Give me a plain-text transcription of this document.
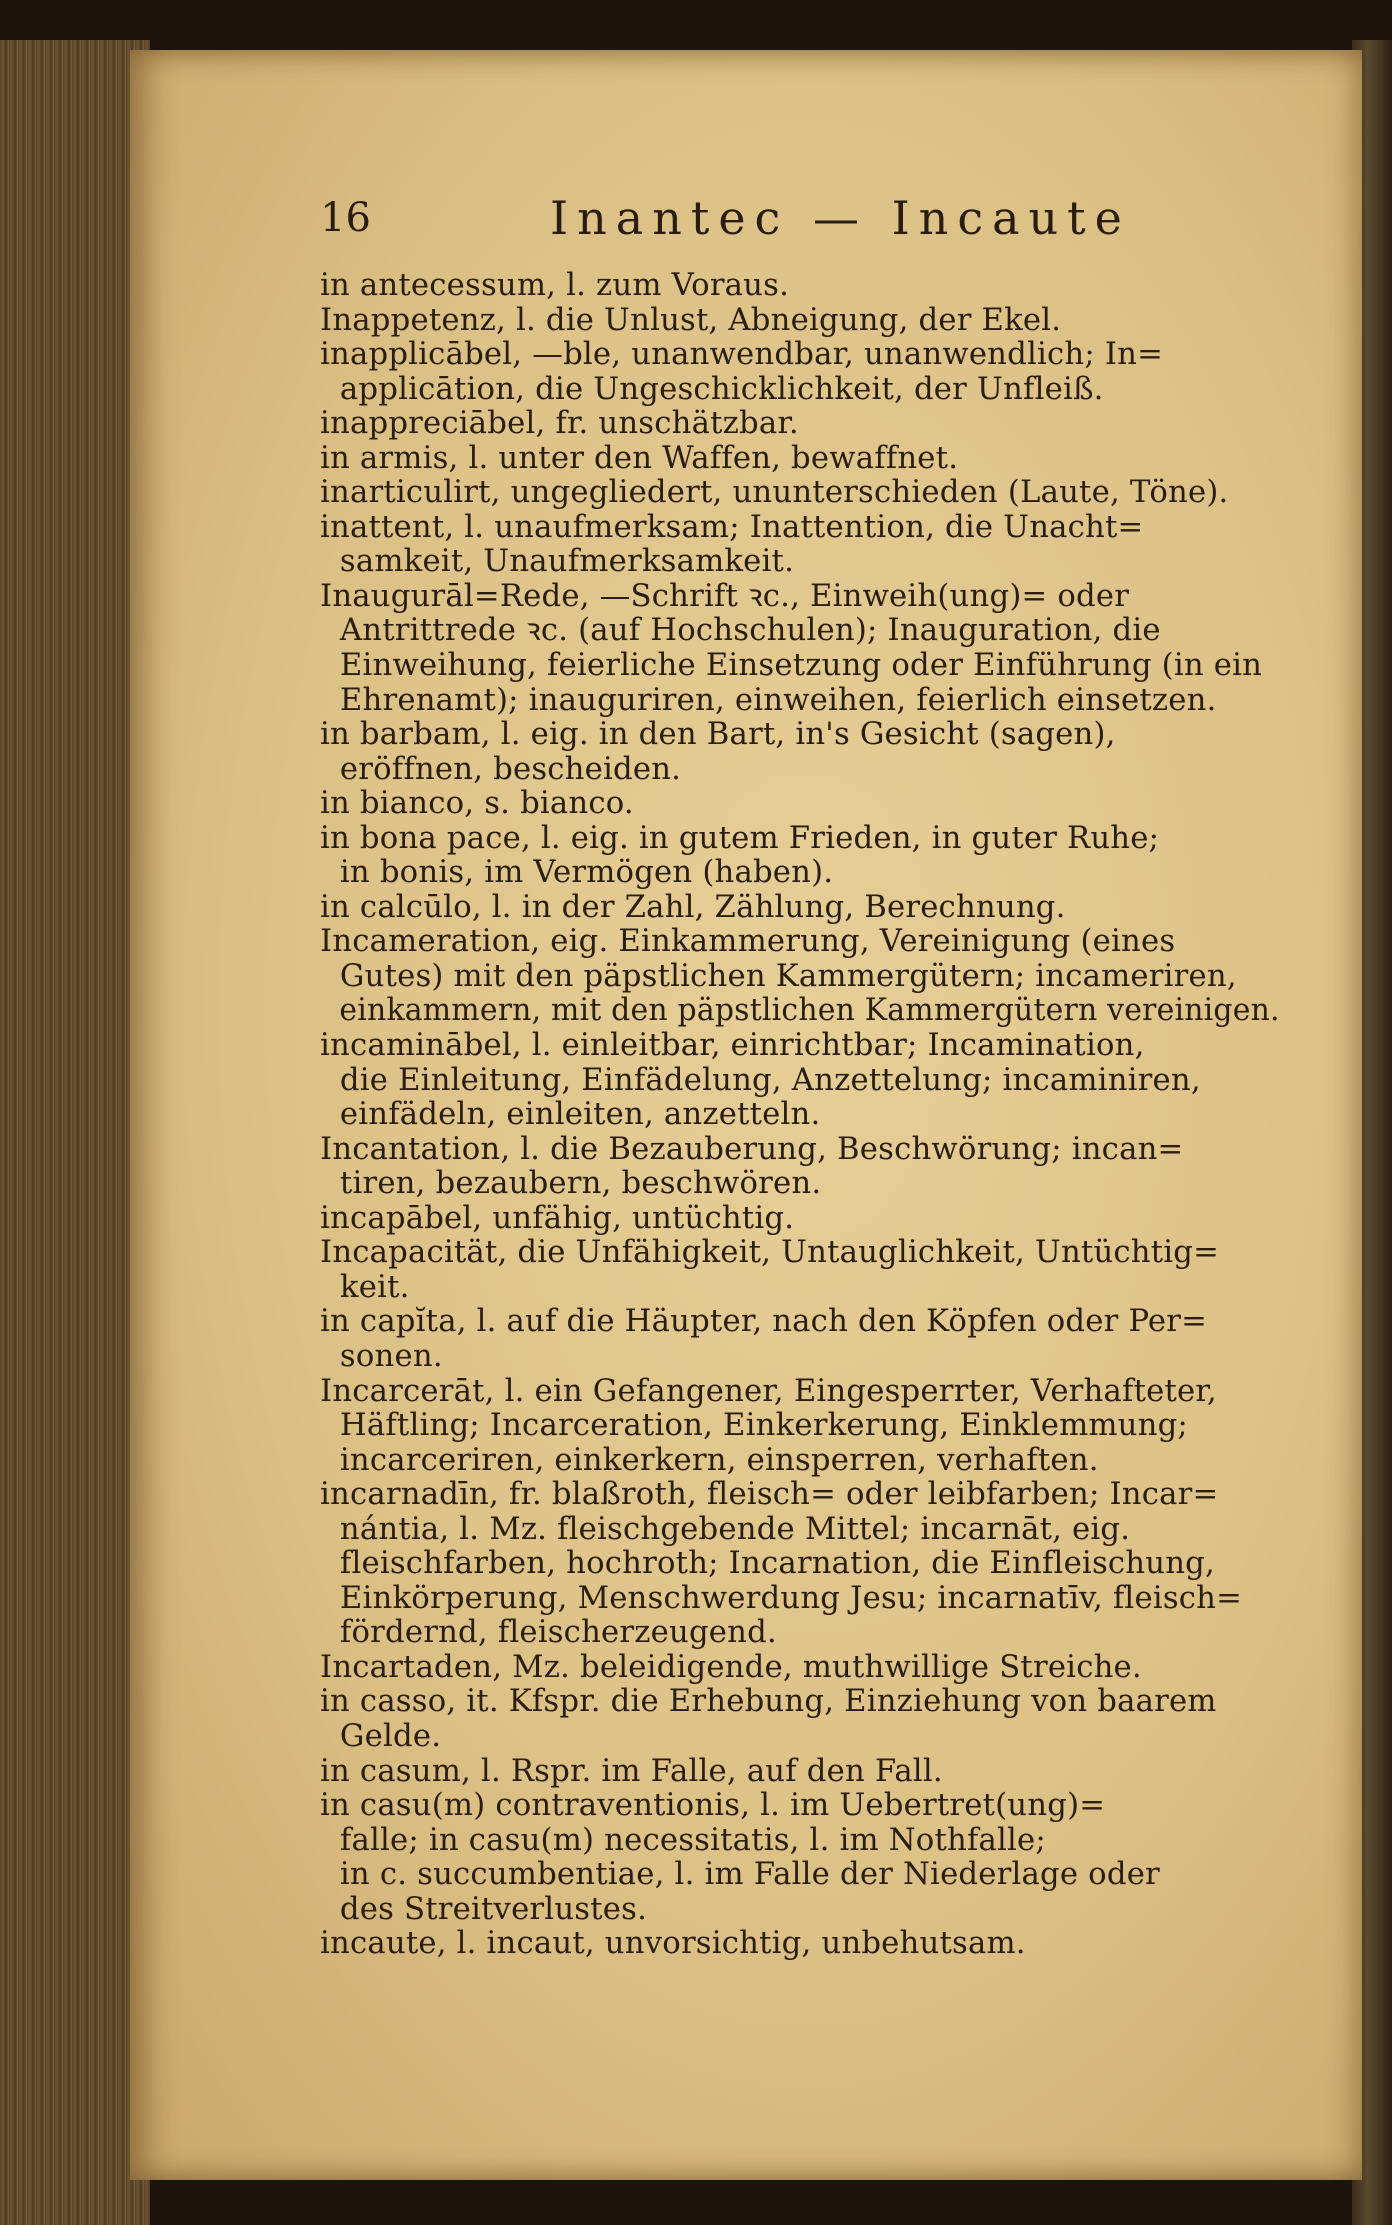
16	Inantec — Incaute
in antecessum, l. zum Voraus.
Inappetenz, l. die Unlust, Abneigung, der Ekel.
inapplicābel, —ble, unanwendbar, unanwendlich; In=
applicātion, die Ungeschicklichkeit, der Unfleiß.
inappreciābel, fr. unschätzbar.
in armis, l. unter den Waffen, bewaffnet.
inarticulirt, ungegliedert, ununterschieden (Laute, Töne).
inattent, l. unaufmerksam; Inattention, die Unacht=
samkeit, Unaufmerksamkeit.
Inaugurāl=Rede, —Schrift ꝛc., Einweih(ung)= oder
Antrittrede ꝛc. (auf Hochschulen); Inauguration, die
Einweihung, feierliche Einsetzung oder Einführung (in ein
Ehrenamt); inauguriren, einweihen, feierlich einsetzen.
in barbam, l. eig. in den Bart, in's Gesicht (sagen),
eröffnen, bescheiden.
in bianco, s. bianco.
in bona pace, l. eig. in gutem Frieden, in guter Ruhe;
in bonis, im Vermögen (haben).
in calcūlo, l. in der Zahl, Zählung, Berechnung.
Incameration, eig. Einkammerung, Vereinigung (eines
Gutes) mit den päpstlichen Kammergütern; incameriren,
einkammern, mit den päpstlichen Kammergütern vereinigen.
incaminābel, l. einleitbar, einrichtbar; Incamination,
die Einleitung, Einfädelung, Anzettelung; incaminiren,
einfädeln, einleiten, anzetteln.
Incantation, l. die Bezauberung, Beschwörung; incan=
tiren, bezaubern, beschwören.
incapābel, unfähig, untüchtig.
Incapacität, die Unfähigkeit, Untauglichkeit, Untüchtig=
keit.
in capĭta, l. auf die Häupter, nach den Köpfen oder Per=
sonen.
Incarcerāt, l. ein Gefangener, Eingesperrter, Verhafteter,
Häftling; Incarceration, Einkerkerung, Einklemmung;
incarceriren, einkerkern, einsperren, verhaften.
incarnadīn, fr. blaßroth, fleisch= oder leibfarben; Incar=
nántia, l. Mz. fleischgebende Mittel; incarnāt, eig.
fleischfarben, hochroth; Incarnation, die Einfleischung,
Einkörperung, Menschwerdung Jesu; incarnatīv, fleisch=
fördernd, fleischerzeugend.
Incartaden, Mz. beleidigende, muthwillige Streiche.
in casso, it. Kfspr. die Erhebung, Einziehung von baarem
Gelde.
in casum, l. Rspr. im Falle, auf den Fall.
in casu(m) contraventionis, l. im Uebertret(ung)=
falle; in casu(m) necessitatis, l. im Nothfalle;
in c. succumbentiae, l. im Falle der Niederlage oder
des Streitverlustes.
incaute, l. incaut, unvorsichtig, unbehutsam.
